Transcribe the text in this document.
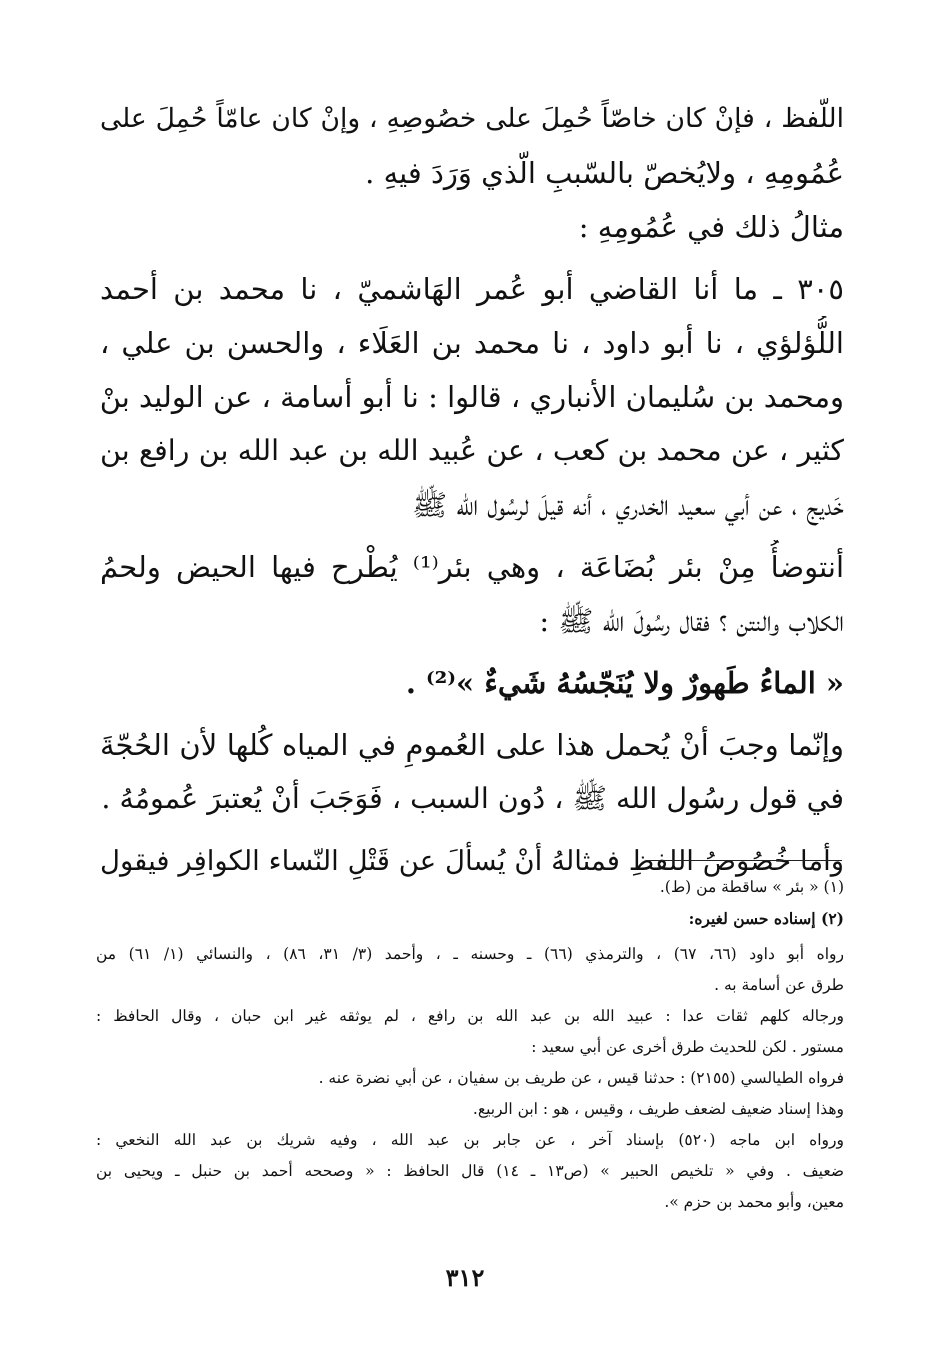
اللّفظ ، فإنْ كان خاصّاً حُمِلَ على خصُوصِهِ ، وإنْ كان عامّاً حُمِلَ على
عُمُومِهِ ، ولايُخصّ بالسّببِ الّذي وَرَدَ فيهِ .
مثالُ ذلك في عُمُومِهِ :
٣٠٥ ـ ما أنا القاضي أبو عُمر الهَاشميّ ، نا محمد بن أحمد
اللُّؤلؤي ، نا أبو داود ، نا محمد بن العَلَاء ، والحسن بن علي ،
ومحمد بن سُليمان الأنباري ، قالوا : نا أبو أسامة ، عن الوليد بنْ
كثير ، عن محمد بن كعب ، عن عُبيد الله بن عبد الله بن رافع بن
خَديج ، عن أبي سعيد الخدري ، أنه قيلَ لرسُول الله ﷺ
أنتوضأُ مِنْ بئر بُضَاعَة ، وهي بئر⁽¹⁾ يُطْرح فيها الحيض ولحمُ
الكلاب والنتن ؟ فقال رسُولَ الله ﷺ :
« الماءُ طَهورٌ ولا يُنَجّسُهُ شَيءٌ »⁽²⁾ .
وإنّما وجبَ أنْ يُحمل هذا على العُمومِ في المياه كُلها لأن الحُجّةَ
في قول رسُول الله ﷺ ، دُون السبب ، فَوَجَبَ أنْ يُعتبرَ عُمومُهُ .
وأما خُصُوصُ اللفظِ فمثالهُ أنْ يُسألَ عن قَتْلِ النّساء الكوافِر فيقول
(١) « بئر » ساقطة من (ط).
(٢) إسناده حسن لغيره:
رواه أبو داود (٦٦، ٦٧) ، والترمذي (٦٦) ـ وحسنه ـ ، وأحمد (٣/ ٣١، ٨٦) ، والنسائي (١/ ٦١) من
طرق عن أسامة به .
ورجاله كلهم ثقات عدا : عبيد الله بن عبد الله بن رافع ، لم يوثقه غير ابن حبان ، وقال الحافظ :
مستور . لكن للحديث طرق أخرى عن أبي سعيد :
فرواه الطيالسي (٢١٥٥) : حدثنا قيس ، عن طريف بن سفيان ، عن أبي نضرة عنه .
وهذا إسناد ضعيف لضعف طريف ، وقيس ، هو : ابن الربيع.
ورواه ابن ماجه (٥٢٠) بإسناد آخر ، عن جابر بن عبد الله ، وفيه شريك بن عبد الله النخعي :
ضعيف . وفي « تلخيص الحبير » (ص١٣ ـ ١٤) قال الحافظ : « وصححه أحمد بن حنبل ـ ويحيى بن
معين، وأبو محمد بن حزم ».
٣١٢
